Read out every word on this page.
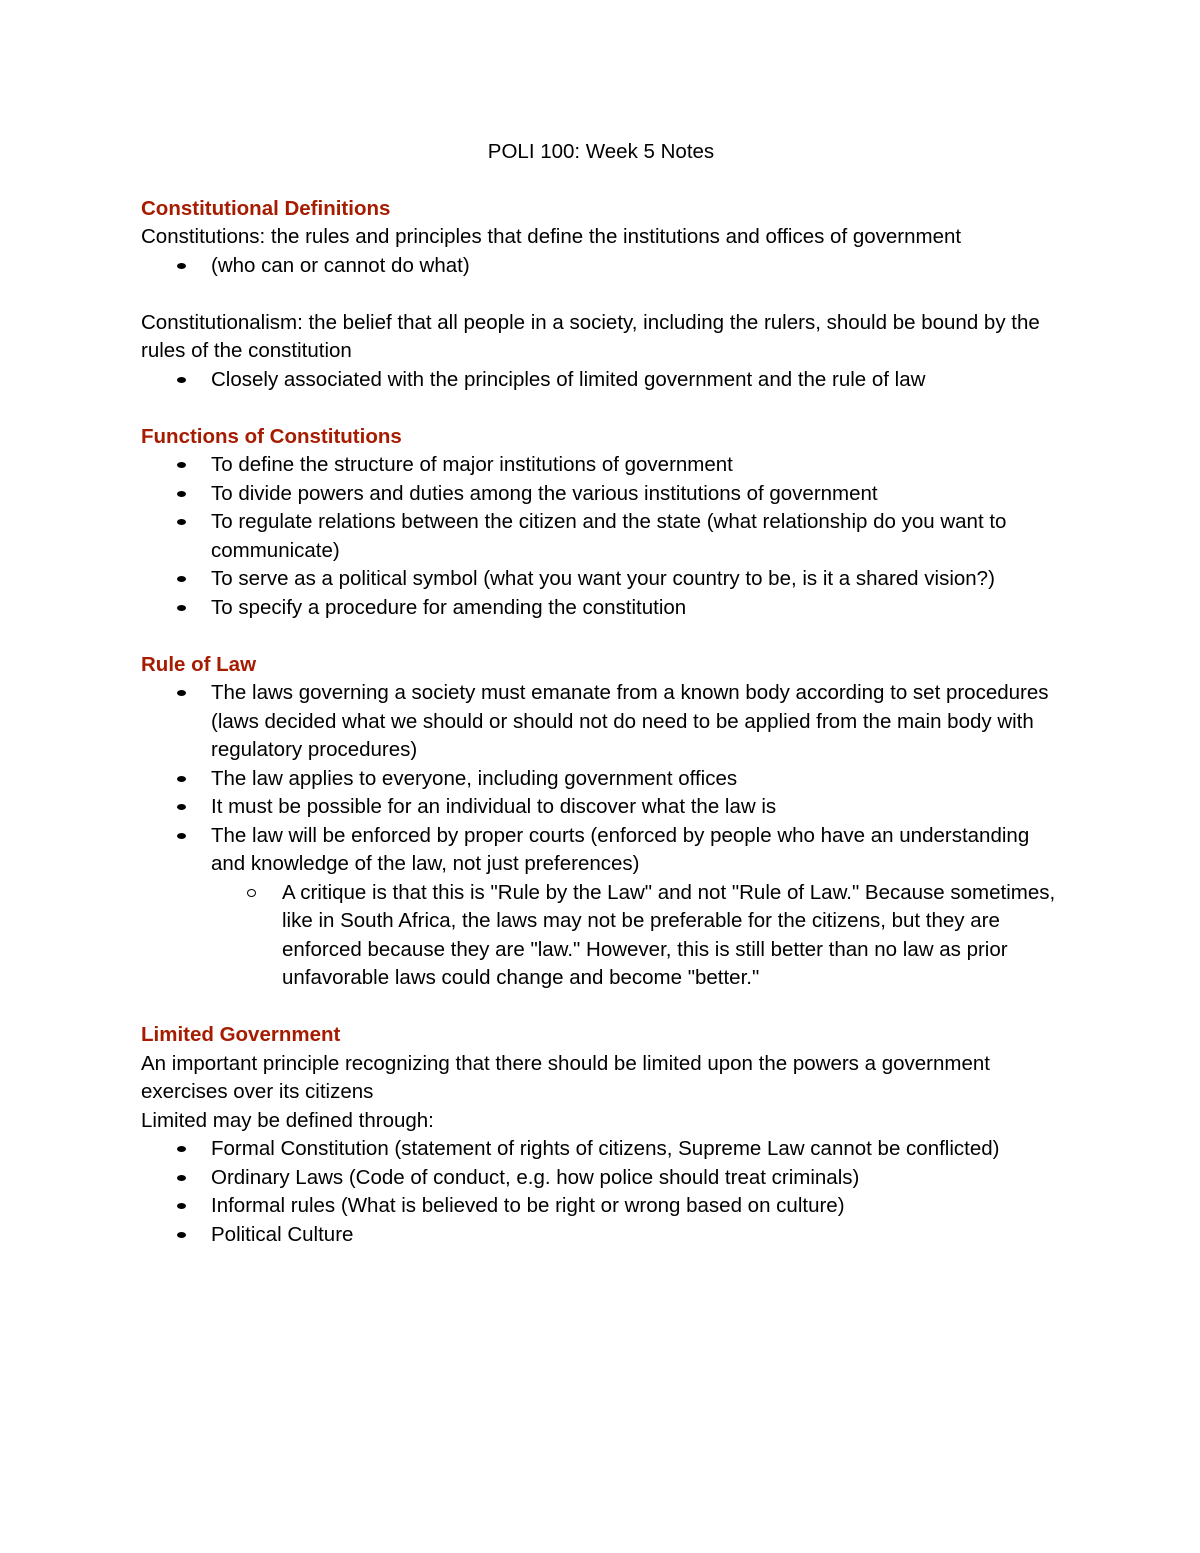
POLI 100: Week 5 Notes

Constitutional Definitions

Constitutions: the rules and principles that define the institutions and offices of government

(who can or cannot do what)

Constitutionalism: the belief that all people in a society, including the rulers, should be bound by the rules of the constitution

Closely associated with the principles of limited government and the rule of law

Functions of Constitutions

To define the structure of major institutions of government
To divide powers and duties among the various institutions of government
To regulate relations between the citizen and the state (what relationship do you want to communicate)
To serve as a political symbol (what you want your country to be, is it a shared vision?)
To specify a procedure for amending the constitution

Rule of Law

The laws governing a society must emanate from a known body according to set procedures (laws decided what we should or should not do need to be applied from the main body with regulatory procedures)
The law applies to everyone, including government offices
It must be possible for an individual to discover what the law is
The law will be enforced by proper courts (enforced by people who have an understanding and knowledge of the law, not just preferences)
A critique is that this is "Rule by the Law" and not "Rule of Law." Because sometimes, like in South Africa, the laws may not be preferable for the citizens, but they are enforced because they are "law." However, this is still better than no law as prior unfavorable laws could change and become "better."

Limited Government

An important principle recognizing that there should be limited upon the powers a government exercises over its citizens

Limited may be defined through:

Formal Constitution (statement of rights of citizens, Supreme Law cannot be conflicted)
Ordinary Laws (Code of conduct, e.g. how police should treat criminals)
Informal rules (What is believed to be right or wrong based on culture)
Political Culture
